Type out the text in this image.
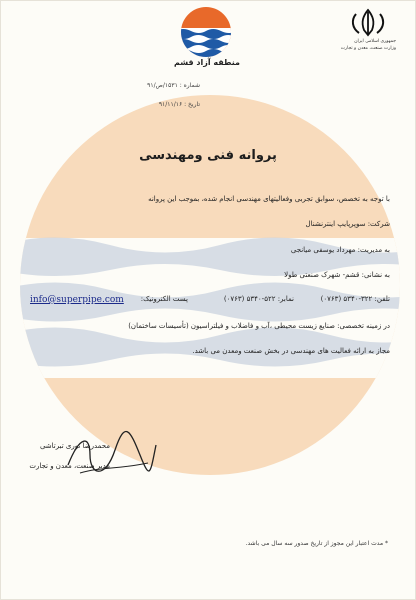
منطقه آزاد قشم
جمهوری اسلامی ایران
وزارت صنعت، معدن و تجارت
شماره : ۱۵۳۱/ص/۹۱
تاریخ : ۹۱/۱۱/۱۶
پروانه فنی ومهندسی
با توجه به تخصص، سوابق تجربی وفعالیتهای مهندسی انجام شده، بموجب این پروانه
شرکت: سوپرپایپ اینترنشنال
به مدیریت: مهرداد یوسفی میانجی
به نشانی: قشم- شهرک صنعتی طولا
تلفن: ۳۲۲-۵۳۴۰ (۰۷۶۳)
نمابر: ۵۲۲-۵۳۴۰ (۰۷۶۳)
پست الکترونیک:
info@superpipe.com
در زمینه تخصصی: صنایع زیست محیطی ،آب و فاضلاب و فیلتراسیون (تأسیسات ساختمان)
مجاز به ارائه فعالیت های مهندسی در بخش صنعت ومعدن می باشد.
محمدرضا نوری تبرتاشی
مدیر صنعت، معدن و تجارت
* مدت اعتبار این مجوز از تاریخ صدور سه سال می باشد.
